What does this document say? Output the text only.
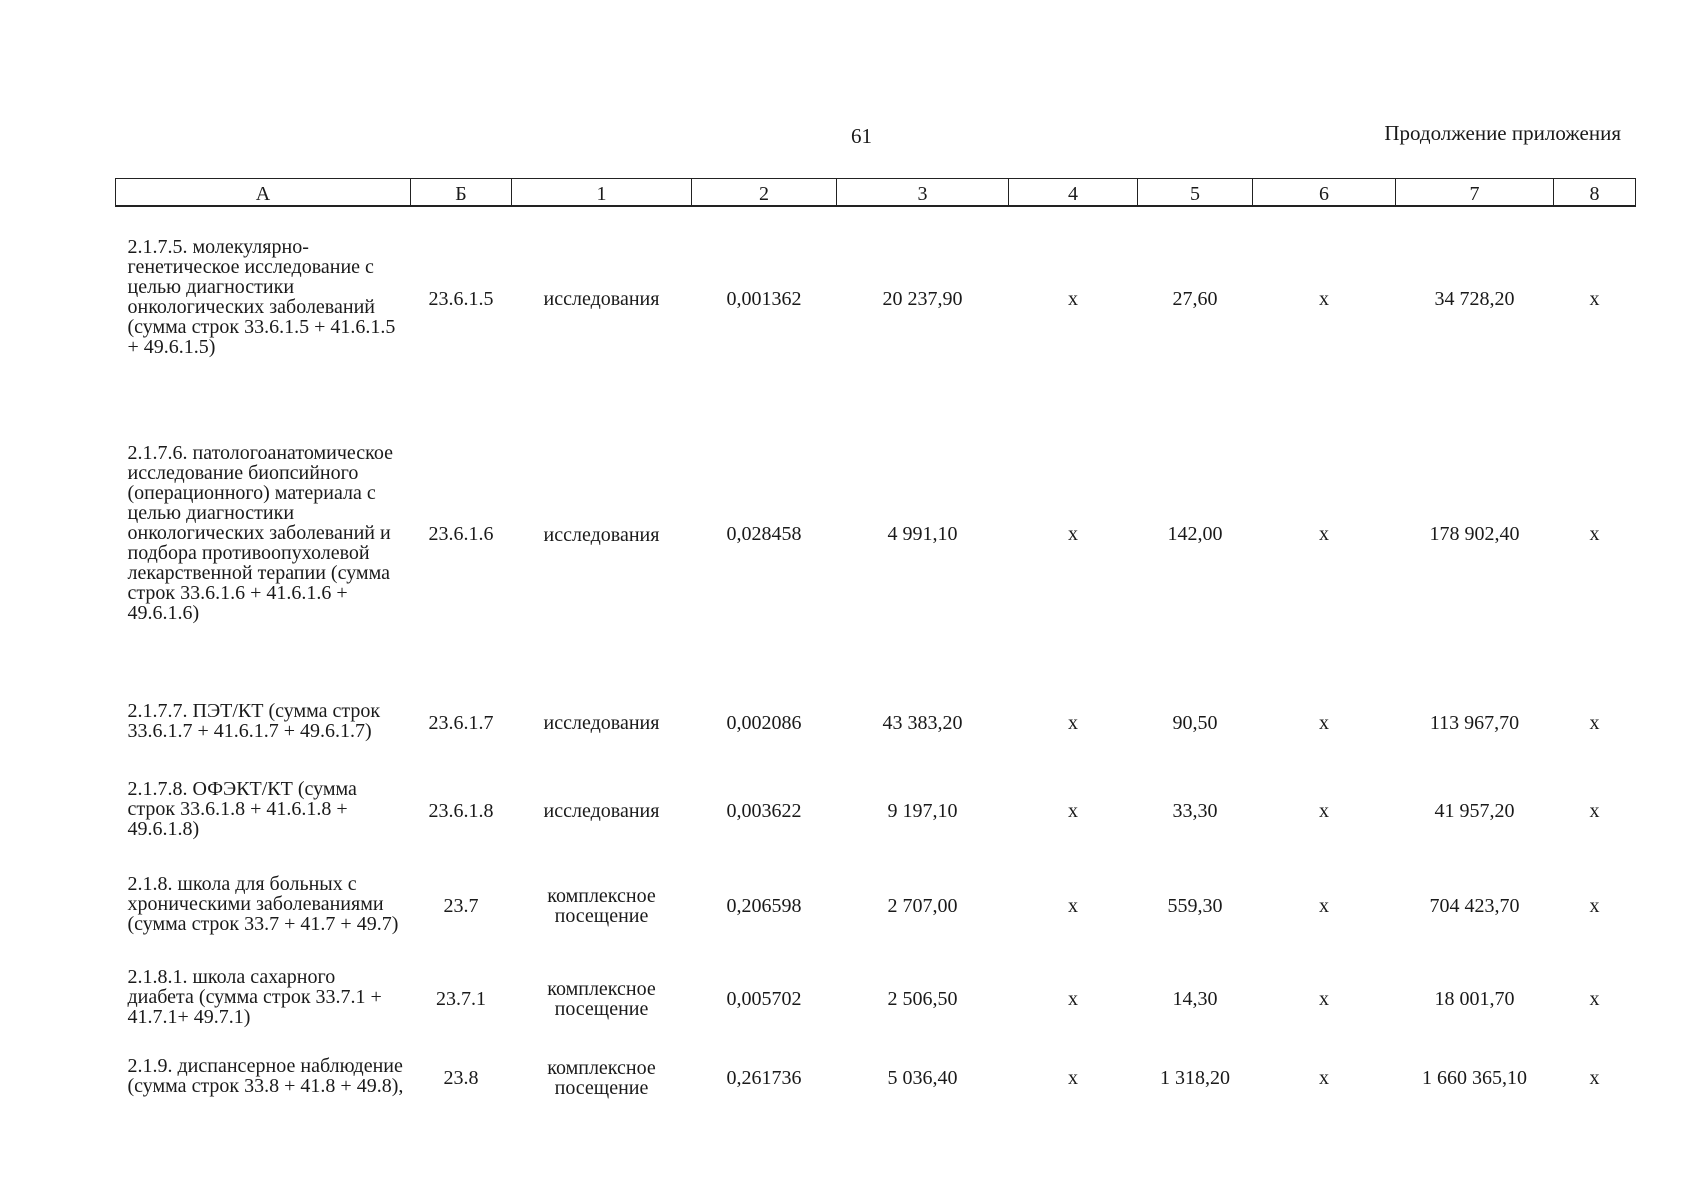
61	Продолжение приложения
А	Б	1	2	3	4	5	6	7	8
2.1.7.5. молекулярно-генетическое исследование с целью диагностики онкологических заболеваний (сумма строк 33.6.1.5 + 41.6.1.5 + 49.6.1.5)	23.6.1.5	исследования	0,001362	20 237,90	х	27,60	х	34 728,20	х
2.1.7.6. патологоанатомическое исследование биопсийного (операционного) материала с целью диагностики онкологических заболеваний и подбора противоопухолевой лекарственной терапии (сумма строк 33.6.1.6 + 41.6.1.6 + 49.6.1.6)	23.6.1.6	исследования	0,028458	4 991,10	х	142,00	х	178 902,40	х
2.1.7.7. ПЭТ/КТ (сумма строк 33.6.1.7 + 41.6.1.7 + 49.6.1.7)	23.6.1.7	исследования	0,002086	43 383,20	х	90,50	х	113 967,70	х
2.1.7.8. ОФЭКТ/КТ (сумма строк 33.6.1.8 + 41.6.1.8 + 49.6.1.8)	23.6.1.8	исследования	0,003622	9 197,10	х	33,30	х	41 957,20	х
2.1.8. школа для больных с хроническими заболеваниями (сумма строк 33.7 + 41.7 + 49.7)	23.7	комплексное посещение	0,206598	2 707,00	х	559,30	х	704 423,70	х
2.1.8.1. школа сахарного диабета (сумма строк 33.7.1 + 41.7.1+ 49.7.1)	23.7.1	комплексное посещение	0,005702	2 506,50	х	14,30	х	18 001,70	х
2.1.9. диспансерное наблюдение (сумма строк 33.8 + 41.8 + 49.8),	23.8	комплексное посещение	0,261736	5 036,40	х	1 318,20	х	1 660 365,10	х
